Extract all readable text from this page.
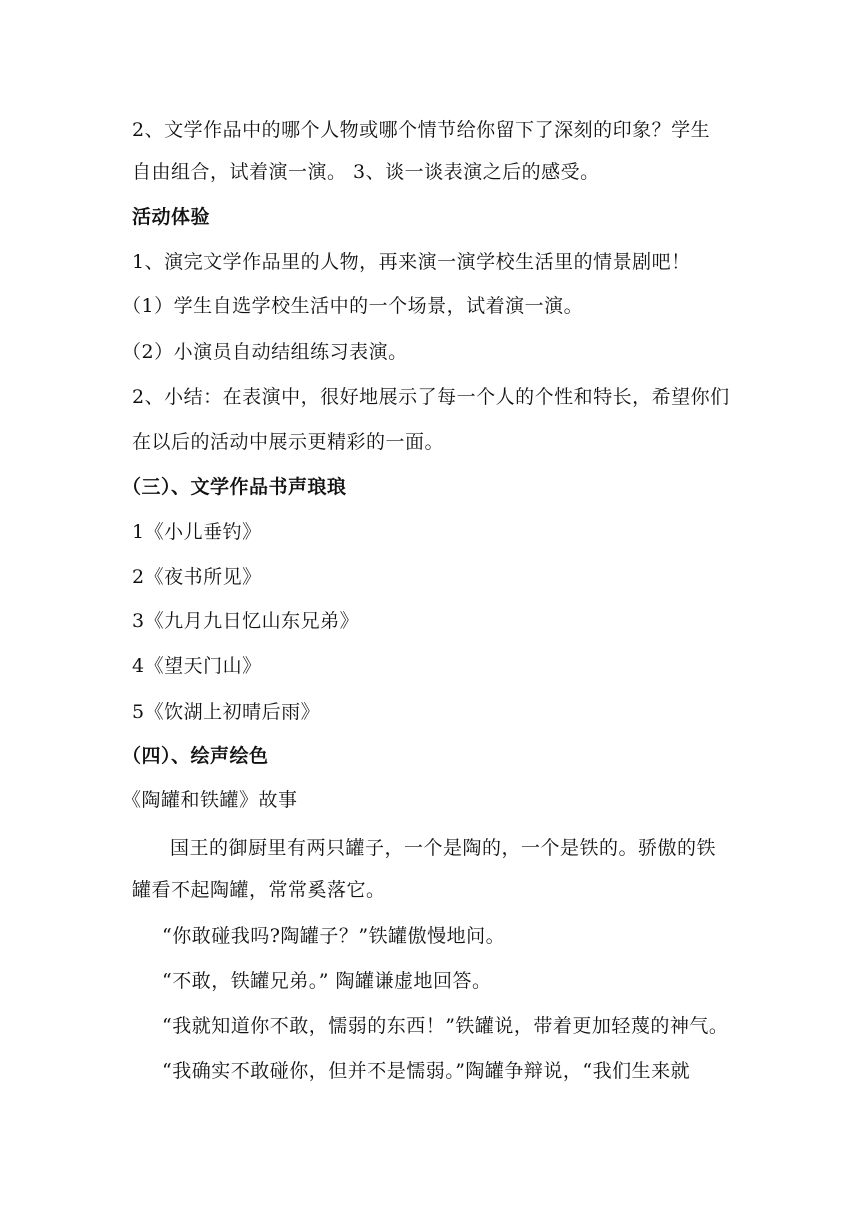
2、文学作品中的哪个人物或哪个情节给你留下了深刻的印象？学生
自由组合，试着演一演。 3、谈一谈表演之后的感受。
活动体验
1、演完文学作品里的人物，再来演一演学校生活里的情景剧吧！
（1）学生自选学校生活中的一个场景，试着演一演。
（2）小演员自动结组练习表演。
2、小结：在表演中，很好地展示了每一个人的个性和特长，希望你们
在以后的活动中展示更精彩的一面。
（三）、文学作品书声琅琅
1《小儿垂钓》
2《夜书所见》
3《九月九日忆山东兄弟》
4《望天门山》
5《饮湖上初晴后雨》
（四）、绘声绘色
《陶罐和铁罐》故事
国王的御厨里有两只罐子，一个是陶的，一个是铁的。骄傲的铁
罐看不起陶罐，常常奚落它。
“你敢碰我吗?陶罐子？”铁罐傲慢地问。
“不敢，铁罐兄弟。” 陶罐谦虚地回答。
“我就知道你不敢，懦弱的东西！”铁罐说，带着更加轻蔑的神气。
“我确实不敢碰你，但并不是懦弱。”陶罐争辩说，“我们生来就
